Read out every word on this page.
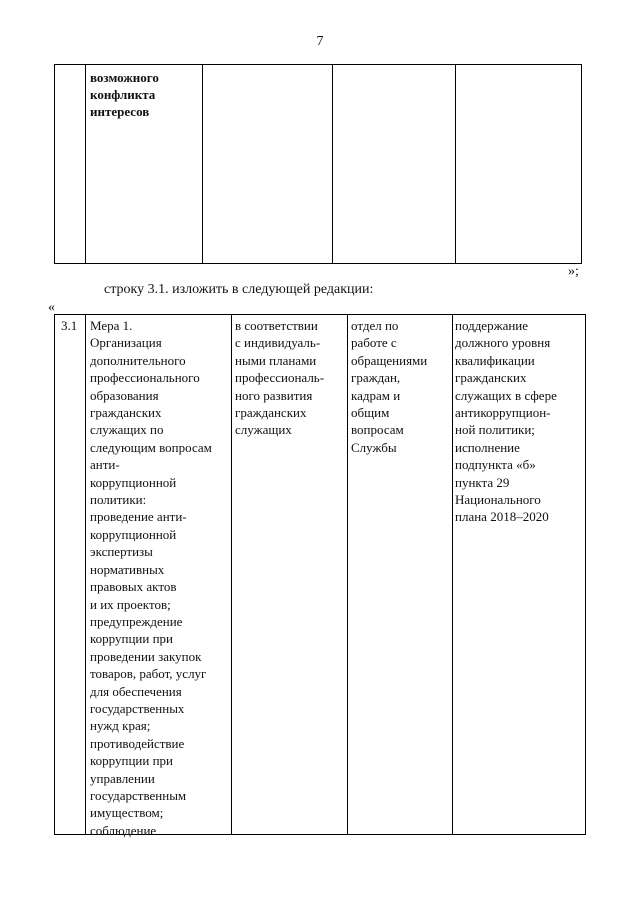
7
возможного
конфликта
интересов
»;
строку 3.1. изложить в следующей редакции:
«
3.1 Мера 1.
Организация
дополнительного
профессионального
образования
гражданских
служащих по
следующим вопросам
анти-
коррупционной
политики:
проведение анти-
коррупционной
экспертизы
нормативных
правовых актов
и их проектов;
предупреждение
коррупции при
проведении закупок
товаров, работ, услуг
для обеспечения
государственных
нужд края;
противодействие
коррупции при
управлении
государственным
имуществом;
соблюдение
в соответствии
с индивидуаль-
ными планами
профессиональ-
ного развития
гражданских
служащих
отдел по
работе с
обращениями
граждан,
кадрам и
общим
вопросам
Службы
поддержание
должного уровня
квалификации
гражданских
служащих в сфере
антикоррупцион-
ной политики;
исполнение
подпункта «б»
пункта 29
Национального
плана 2018–2020
